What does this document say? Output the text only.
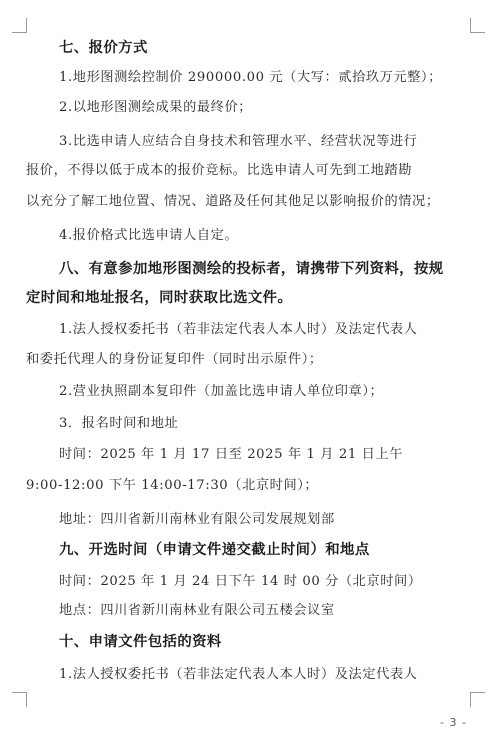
七、报价方式
1.地形图测绘控制价 290000.00 元（大写：贰拾玖万元整）；
2.以地形图测绘成果的最终价；
3.比选申请人应结合自身技术和管理水平、经营状况等进行
报价，不得以低于成本的报价竞标。比选申请人可先到工地踏勘
以充分了解工地位置、情况、道路及任何其他足以影响报价的情况；
4.报价格式比选申请人自定。
八、有意参加地形图测绘的投标者，请携带下列资料，按规
定时间和地址报名，同时获取比选文件。
1.法人授权委托书（若非法定代表人本人时）及法定代表人
和委托代理人的身份证复印件（同时出示原件）；
2.营业执照副本复印件（加盖比选申请人单位印章）；
3．报名时间和地址
时间：2025 年 1 月 17 日至 2025 年 1 月 21 日上午
9:00-12:00 下午 14:00-17:30（北京时间）；
地址：四川省新川南林业有限公司发展规划部
九、开选时间（申请文件递交截止时间）和地点
时间：2025 年 1 月 24 日下午 14 时 00 分（北京时间）
地点：四川省新川南林业有限公司五楼会议室
十、申请文件包括的资料
1.法人授权委托书（若非法定代表人本人时）及法定代表人
- 3 -
